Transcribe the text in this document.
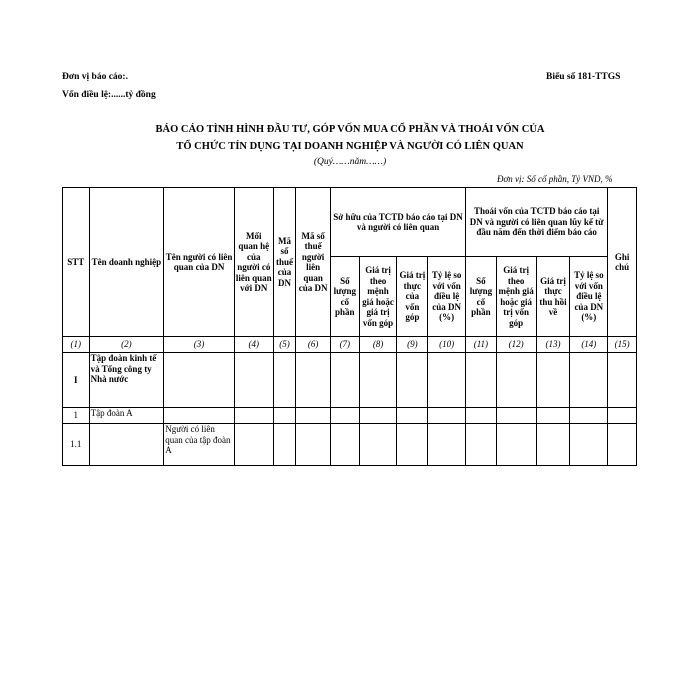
Đơn vị báo cáo:.
Vốn điều lệ:......tỷ đồng
Biểu số 181-TTGS
BÁO CÁO TÌNH HÌNH ĐẦU TƯ, GÓP VỐN MUA CỔ PHẦN VÀ THOÁI VỐN CỦA
TỔ CHỨC TÍN DỤNG TẠI DOANH NGHIỆP VÀ NGƯỜI CÓ LIÊN QUAN
(Quý……năm……)
Đơn vị: Số cổ phần, Tỷ VND, %
STT	Tên doanh nghiệp	Tên người có liên quan của DN	Mối quan hệ của người có liên quan với DN	Mã số thuế của DN	Mã số thuế người liên quan của DN	Sở hữu của TCTD báo cáo tại DN và người có liên quan				Thoái vốn của TCTD báo cáo tại DN và người có liên quan lũy kế từ đầu năm đến thời điểm báo cáo				Ghi chú
						Số lượng cổ phần	Giá trị theo mệnh giá hoặc giá trị vốn góp	Giá trị thực của vốn góp	Tỷ lệ so với vốn điều lệ của DN (%)	Số lượng cổ phần	Giá trị theo mệnh giá hoặc giá trị vốn góp	Giá trị thực thu hồi về	Tỷ lệ so với vốn điều lệ của DN (%)	
(1)	(2)	(3)	(4)	(5)	(6)	(7)	(8)	(9)	(10)	(11)	(12)	(13)	(14)	(15)
I	Tập đoàn kinh tế và Tổng công ty Nhà nước													
1	Tập đoàn A													
1.1		Người có liên quan của tập đoàn A												
